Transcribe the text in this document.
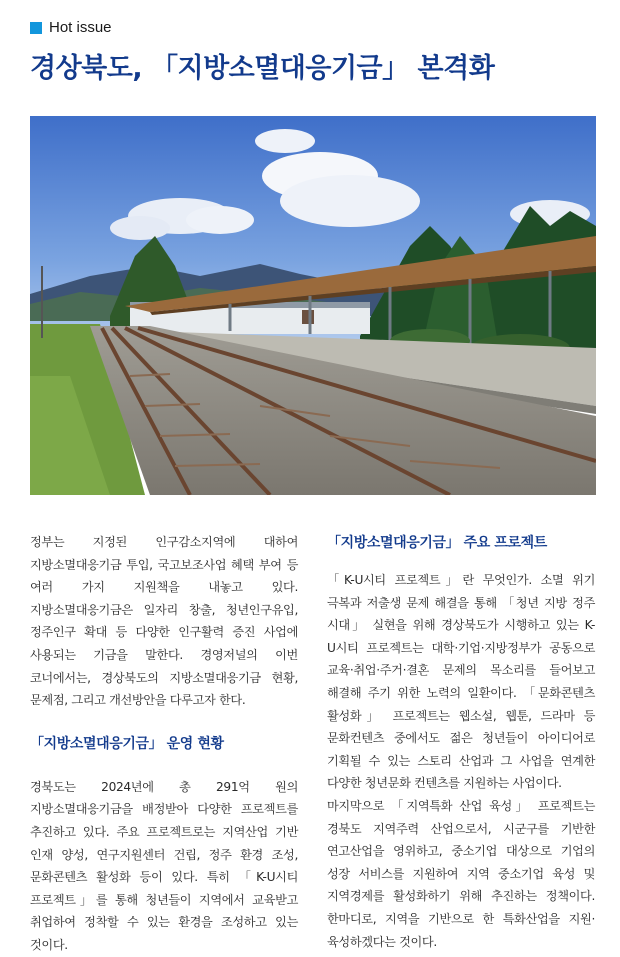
Hot issue
경상북도, 「지방소멸대응기금」 본격화

정부는 지정된 인구감소지역에 대하여 지방소멸대응기금 투입, 국고보조사업 혜택 부여 등 여러 가지 지원책을 내놓고 있다. 지방소멸대응기금은 일자리 창출, 청년인구유입, 정주인구 확대 등 다양한 인구활력 증진 사업에 사용되는 기금을 말한다. 경영저널의 이번 코너에서는, 경상북도의 지방소멸대응기금 현황, 문제점, 그리고 개선방안을 다루고자 한다.

「지방소멸대응기금」 운영 현황

경북도는 2024년에 총 291억 원의 지방소멸대응기금을 배정받아 다양한 프로젝트를 추진하고 있다. 주요 프로젝트로는 지역산업 기반 인재 양성, 연구지원센터 건립, 정주 환경 조성, 문화콘텐츠 활성화 등이 있다. 특히 「K-U시티 프로젝트」를 통해 청년들이 지역에서 교육받고 취업하여 정착할 수 있는 환경을 조성하고 있는 것이다.

「지방소멸대응기금」 주요 프로젝트

「K-U시티 프로젝트」란 무엇인가. 소멸 위기 극복과 저출생 문제 해결을 통해 「청년 지방 정주 시대」 실현을 위해 경상북도가 시행하고 있는 K-U시티 프로젝트는 대학·기업·지방정부가 공동으로 교육·취업·주거·결혼 문제의 목소리를 들어보고 해결해 주기 위한 노력의 일환이다. 「문화콘텐츠 활성화」 프로젝트는 웹소설, 웹툰, 드라마 등 문화컨텐츠 중에서도 젊은 청년들이 아이디어로 기획될 수 있는 스토리 산업과 그 사업을 연계한 다양한 청년문화 컨텐츠를 지원하는 사업이다.

마지막으로 「지역특화 산업 육성」 프로젝트는 경북도 지역주력 산업으로서, 시군구를 기반한 연고산업을 영위하고, 중소기업 대상으로 기업의 성장 서비스를 지원하여 지역 중소기업 육성 및 지역경제를 활성화하기 위해 추진하는 정책이다. 한마디로, 지역을 기반으로 한 특화산업을 지원·육성하겠다는 것이다.
